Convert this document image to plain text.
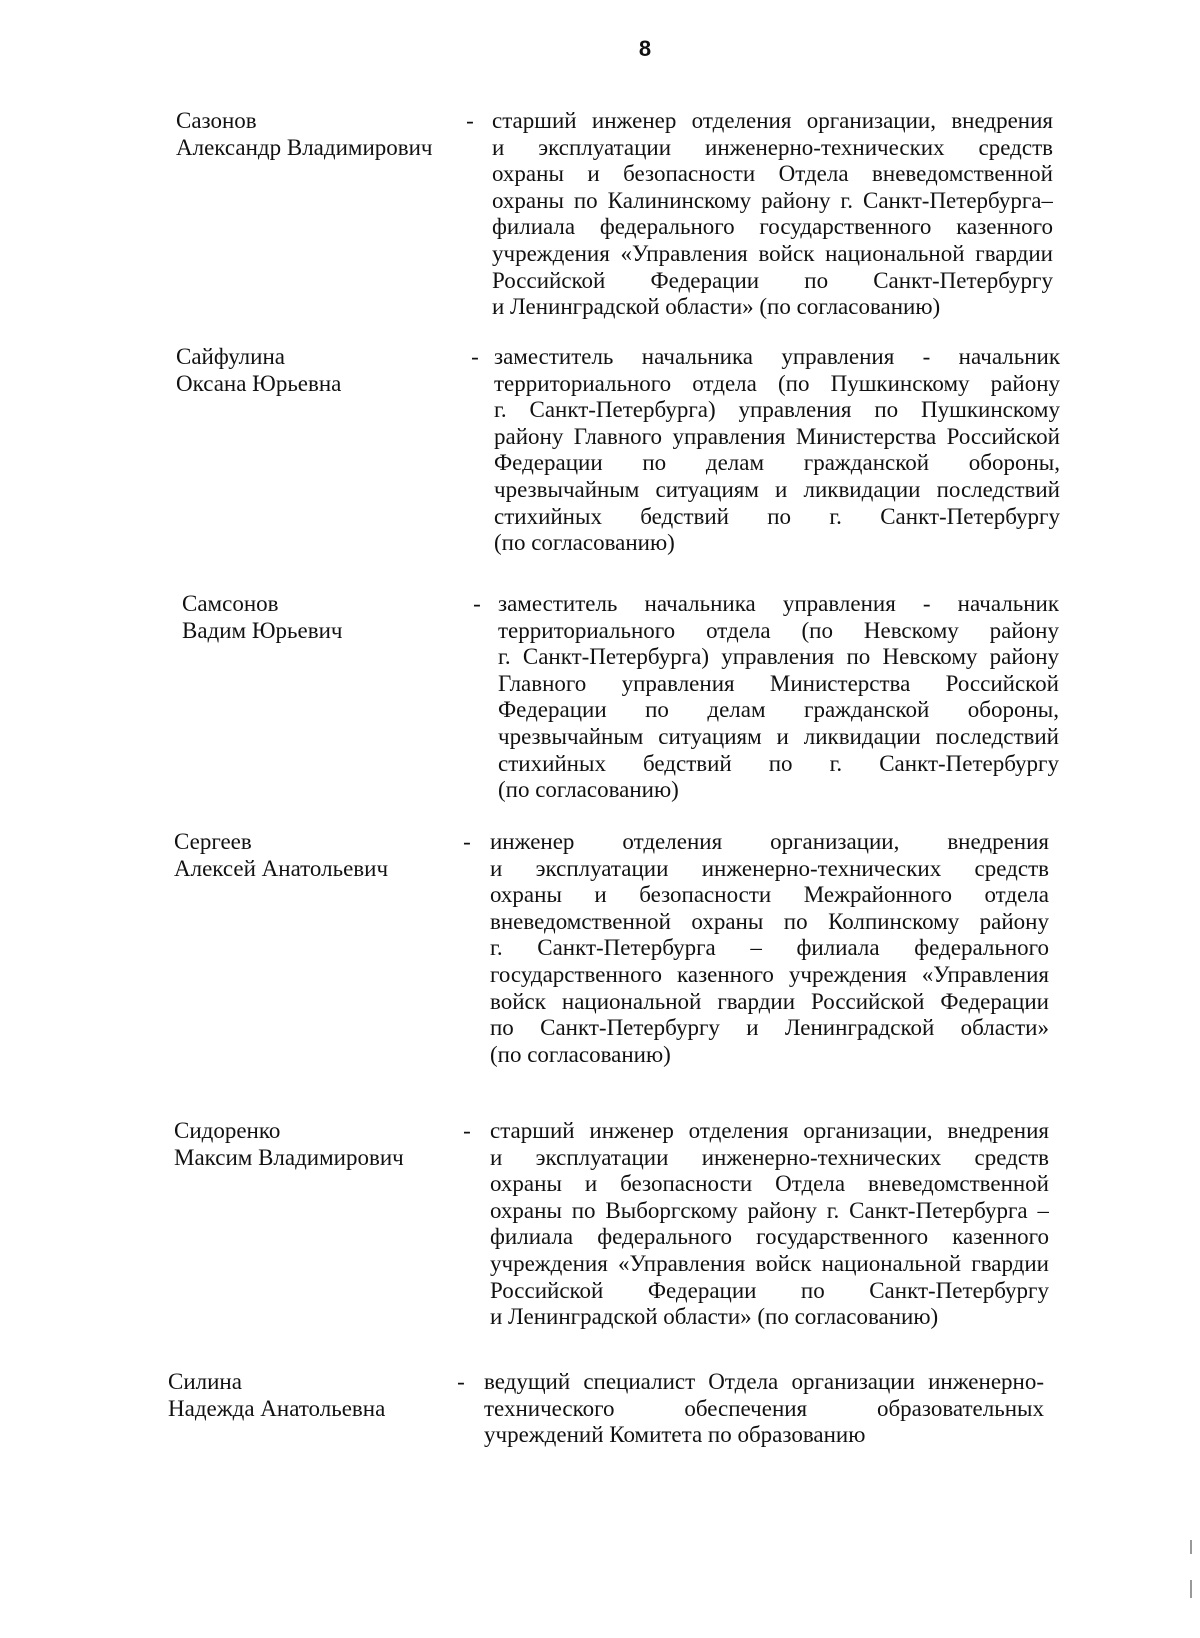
8
Сазонов
Александр Владимирович
- старший инженер отделения организации, внедрения
и эксплуатации инженерно-технических средств
охраны и безопасности Отдела вневедомственной
охраны по Калининскому району г. Санкт-Петербурга–
филиала федерального государственного казенного
учреждения «Управления войск национальной гвардии
Российской Федерации по Санкт-Петербургу
и Ленинградской области» (по согласованию)
Сайфулина
Оксана Юрьевна
- заместитель начальника управления - начальник
территориального отдела (по Пушкинскому району
г. Санкт-Петербурга) управления по Пушкинскому
району Главного управления Министерства Российской
Федерации по делам гражданской обороны,
чрезвычайным ситуациям и ликвидации последствий
стихийных бедствий по г. Санкт-Петербургу
(по согласованию)
Самсонов
Вадим Юрьевич
- заместитель начальника управления - начальник
территориального отдела (по Невскому району
г. Санкт-Петербурга) управления по Невскому району
Главного управления Министерства Российской
Федерации по делам гражданской обороны,
чрезвычайным ситуациям и ликвидации последствий
стихийных бедствий по г. Санкт-Петербургу
(по согласованию)
Сергеев
Алексей Анатольевич
- инженер отделения организации, внедрения
и эксплуатации инженерно-технических средств
охраны и безопасности Межрайонного отдела
вневедомственной охраны по Колпинскому району
г. Санкт-Петербурга – филиала федерального
государственного казенного учреждения «Управления
войск национальной гвардии Российской Федерации
по Санкт-Петербургу и Ленинградской области»
(по согласованию)
Сидоренко
Максим Владимирович
- старший инженер отделения организации, внедрения
и эксплуатации инженерно-технических средств
охраны и безопасности Отдела вневедомственной
охраны по Выборгскому району г. Санкт-Петербурга –
филиала федерального государственного казенного
учреждения «Управления войск национальной гвардии
Российской Федерации по Санкт-Петербургу
и Ленинградской области» (по согласованию)
Силина
Надежда Анатольевна
- ведущий специалист Отдела организации инженерно-
технического обеспечения образовательных
учреждений Комитета по образованию
